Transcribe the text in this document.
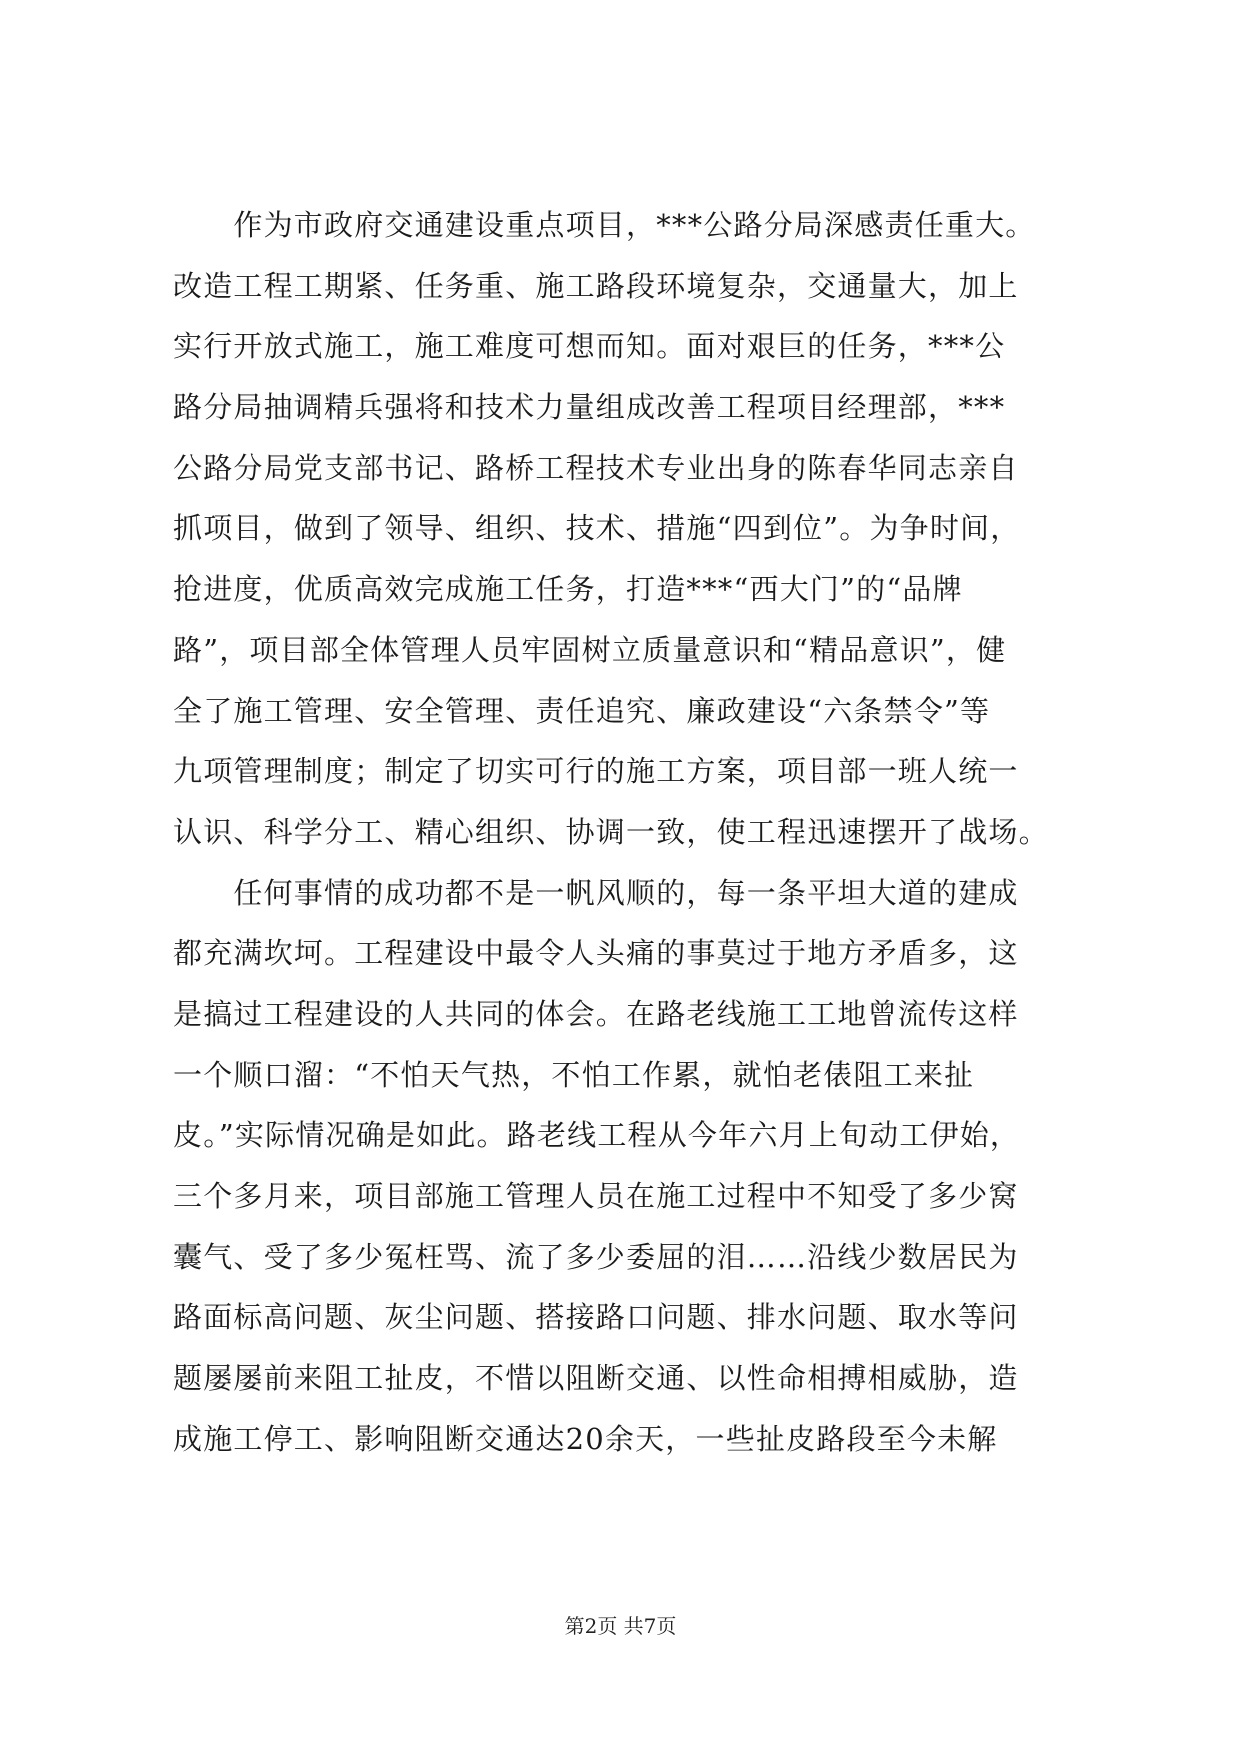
　　作为市政府交通建设重点项目，***公路分局深感责任重大。
改造工程工期紧、任务重、施工路段环境复杂，交通量大，加上
实行开放式施工，施工难度可想而知。面对艰巨的任务，***公
路分局抽调精兵强将和技术力量组成改善工程项目经理部，***
公路分局党支部书记、路桥工程技术专业出身的陈春华同志亲自
抓项目，做到了领导、组织、技术、措施“四到位”。为争时间，
抢进度，优质高效完成施工任务，打造***“西大门”的“品牌
路”，项目部全体管理人员牢固树立质量意识和“精品意识”，健
全了施工管理、安全管理、责任追究、廉政建设“六条禁令”等
九项管理制度；制定了切实可行的施工方案，项目部一班人统一
认识、科学分工、精心组织、协调一致，使工程迅速摆开了战场。
　　任何事情的成功都不是一帆风顺的，每一条平坦大道的建成
都充满坎坷。工程建设中最令人头痛的事莫过于地方矛盾多，这
是搞过工程建设的人共同的体会。在路老线施工工地曾流传这样
一个顺口溜：“不怕天气热，不怕工作累，就怕老俵阻工来扯
皮。”实际情况确是如此。路老线工程从今年六月上旬动工伊始，
三个多月来，项目部施工管理人员在施工过程中不知受了多少窝
囊气、受了多少冤枉骂、流了多少委屈的泪……沿线少数居民为
路面标高问题、灰尘问题、搭接路口问题、排水问题、取水等问
题屡屡前来阻工扯皮，不惜以阻断交通、以性命相搏相威胁，造
成施工停工、影响阻断交通达20余天，一些扯皮路段至今未解
第2页 共7页
